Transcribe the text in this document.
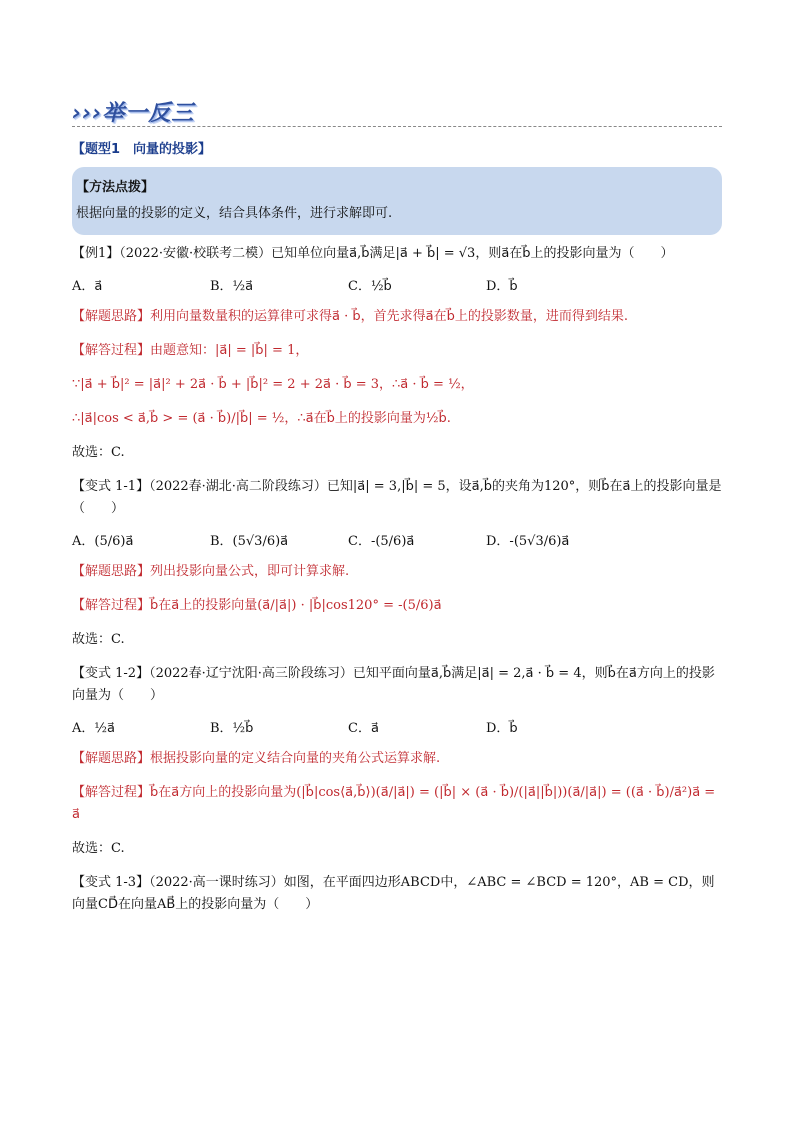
›››举一反三
【题型1　向量的投影】
【方法点拨】
根据向量的投影的定义，结合具体条件，进行求解即可.

【例1】（2022·安徽·校联考二模）已知单位向量a⃗,b⃗满足|a⃗ + b⃗| = √3，则a⃗在b⃗上的投影向量为（　　）

A．a⃗	B．½a⃗	C．½b⃗	D．b⃗

【解题思路】利用向量数量积的运算律可求得a⃗ · b⃗，首先求得a⃗在b⃗上的投影数量，进而得到结果.

【解答过程】由题意知：|a⃗| = |b⃗| = 1，

∵|a⃗ + b⃗|² = |a⃗|² + 2a⃗ · b⃗ + |b⃗|² = 2 + 2a⃗ · b⃗ = 3，∴a⃗ · b⃗ = ½，

∴|a⃗|cos < a⃗,b⃗ > = (a⃗ · b⃗)/|b⃗| = ½，∴a⃗在b⃗上的投影向量为½b⃗.

故选：C.

【变式 1-1】（2022春·湖北·高二阶段练习）已知|a⃗| = 3,|b⃗| = 5，设a⃗,b⃗的夹角为120°，则b⃗在a⃗上的投影向量是（　　）

A．(5/6)a⃗	B．(5√3/6)a⃗	C．-(5/6)a⃗	D．-(5√3/6)a⃗

【解题思路】列出投影向量公式，即可计算求解.

【解答过程】b⃗在a⃗上的投影向量(a⃗/|a⃗|) · |b⃗|cos120° = -(5/6)a⃗

故选：C.

【变式 1-2】（2022春·辽宁沈阳·高三阶段练习）已知平面向量a⃗,b⃗满足|a⃗| = 2,a⃗ · b⃗ = 4，则b⃗在a⃗方向上的投影向量为（　　）

A．½a⃗	B．½b⃗	C．a⃗	D．b⃗

【解题思路】根据投影向量的定义结合向量的夹角公式运算求解.

【解答过程】b⃗在a⃗方向上的投影向量为(|b⃗|cos⟨a⃗,b⃗⟩)(a⃗/|a⃗|) = (|b⃗| × (a⃗ · b⃗)/(|a⃗||b⃗|))(a⃗/|a⃗|) = ((a⃗ · b⃗)/a⃗²)a⃗ = a⃗

故选：C.

【变式 1-3】（2022·高一课时练习）如图，在平面四边形ABCD中，∠ABC = ∠BCD = 120°，AB = CD，则向量CD⃗在向量AB⃗上的投影向量为（　　）
